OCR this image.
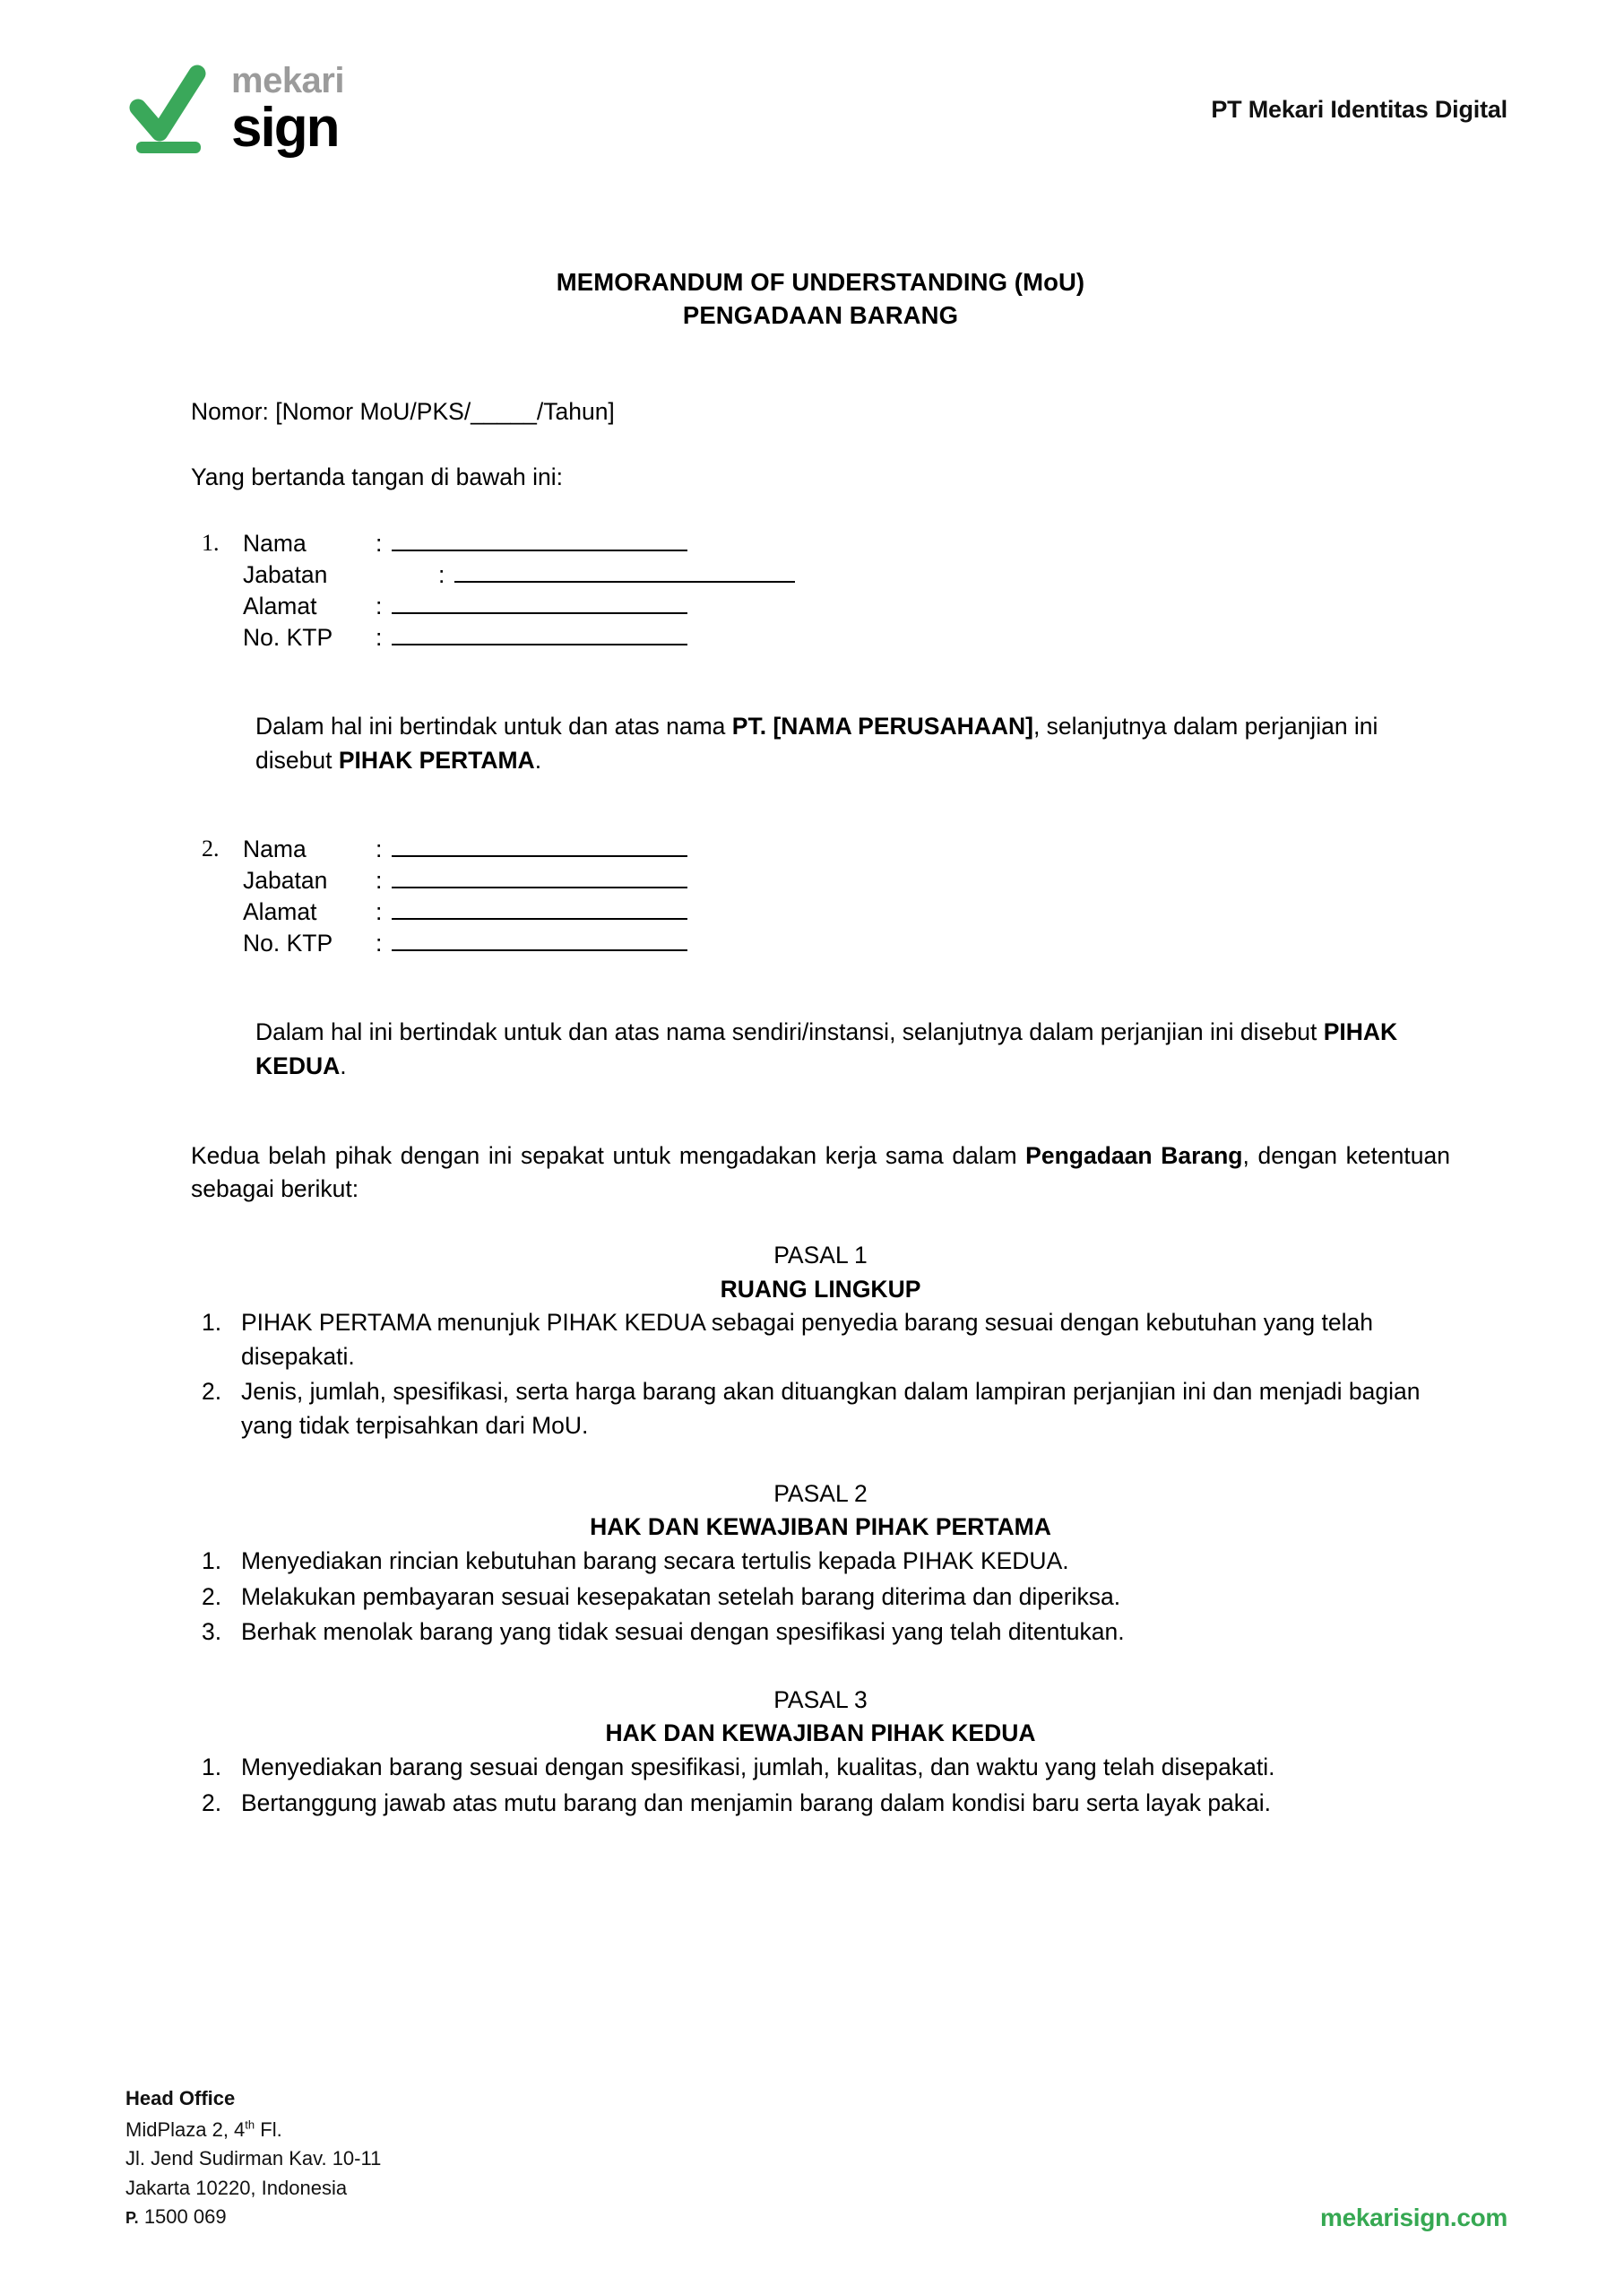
mekari
sign	PT Mekari Identitas Digital
MEMORANDUM OF UNDERSTANDING (MoU)
PENGADAAN BARANG

Nomor: [Nomor MoU/PKS/_____/Tahun]

Yang bertanda tangan di bawah ini:

1.	Nama	:
Jabatan	:
Alamat	:
No. KTP	:

Dalam hal ini bertindak untuk dan atas nama PT. [NAMA PERUSAHAAN], selanjutnya dalam perjanjian ini disebut PIHAK PERTAMA.

2.	Nama	:
Jabatan	:
Alamat	:
No. KTP	:

Dalam hal ini bertindak untuk dan atas nama sendiri/instansi, selanjutnya dalam perjanjian ini disebut PIHAK KEDUA.

Kedua belah pihak dengan ini sepakat untuk mengadakan kerja sama dalam Pengadaan Barang, dengan ketentuan sebagai berikut:

PASAL 1
RUANG LINGKUP
1. PIHAK PERTAMA menunjuk PIHAK KEDUA sebagai penyedia barang sesuai dengan kebutuhan yang telah disepakati.
2. Jenis, jumlah, spesifikasi, serta harga barang akan dituangkan dalam lampiran perjanjian ini dan menjadi bagian yang tidak terpisahkan dari MoU.
PASAL 2
HAK DAN KEWAJIBAN PIHAK PERTAMA
1. Menyediakan rincian kebutuhan barang secara tertulis kepada PIHAK KEDUA.
2. Melakukan pembayaran sesuai kesepakatan setelah barang diterima dan diperiksa.
3. Berhak menolak barang yang tidak sesuai dengan spesifikasi yang telah ditentukan.
PASAL 3
HAK DAN KEWAJIBAN PIHAK KEDUA
1. Menyediakan barang sesuai dengan spesifikasi, jumlah, kualitas, dan waktu yang telah disepakati.
2. Bertanggung jawab atas mutu barang dan menjamin barang dalam kondisi baru serta layak pakai.
Head Office
MidPlaza 2, 4th Fl.
Jl. Jend Sudirman Kav. 10-11
Jakarta 10220, Indonesia
P. 1500 069	mekarisign.com
